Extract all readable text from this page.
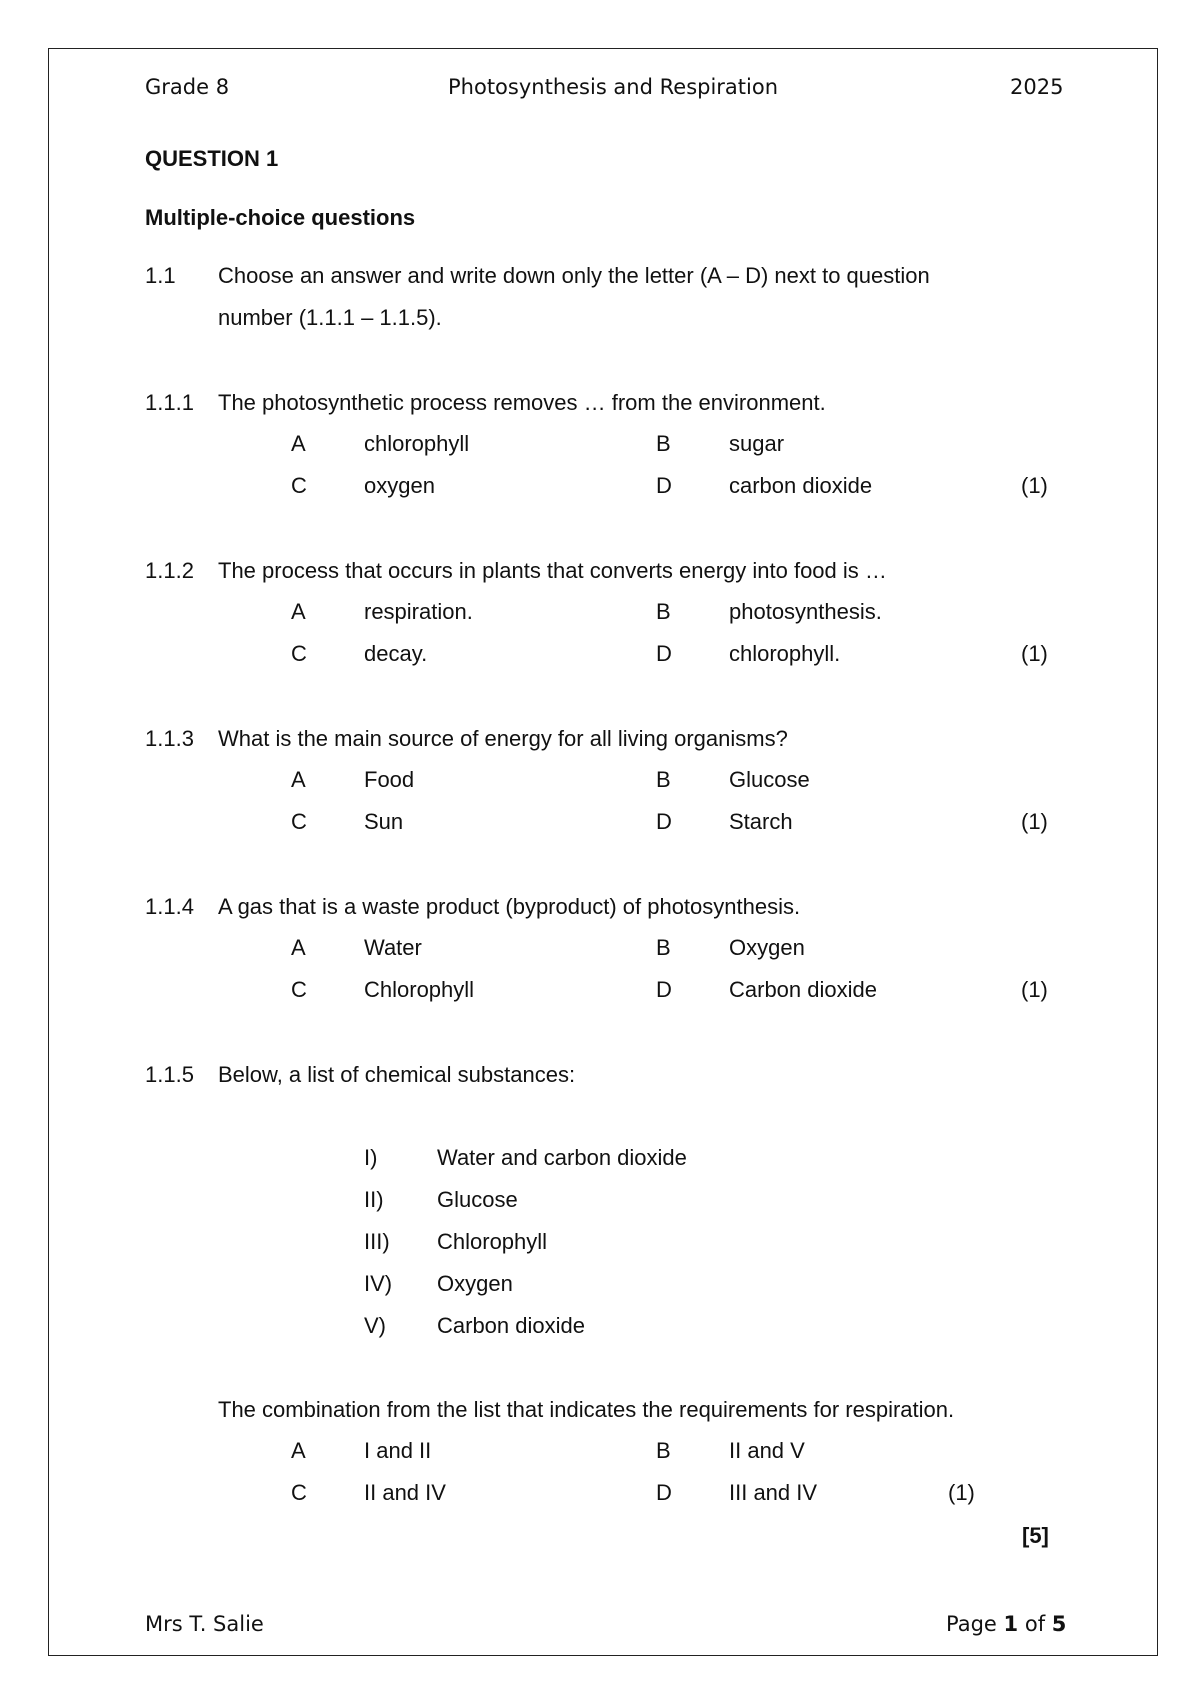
Grade 8	Photosynthesis and Respiration	2025
QUESTION 1
Multiple-choice questions
1.1 Choose an answer and write down only the letter (A – D) next to question
number (1.1.1 – 1.1.5).
1.1.1 The photosynthetic process removes … from the environment.
A	chlorophyll	B	sugar
C	oxygen	D	carbon dioxide	(1)
1.1.2 The process that occurs in plants that converts energy into food is …
A	respiration.	B	photosynthesis.
C	decay.	D	chlorophyll.	(1)
1.1.3 What is the main source of energy for all living organisms?
A	Food	B	Glucose
C	Sun	D	Starch	(1)
1.1.4 A gas that is a waste product (byproduct) of photosynthesis.
A	Water	B	Oxygen
C	Chlorophyll	D	Carbon dioxide	(1)
1.1.5 Below, a list of chemical substances:
I)	Water and carbon dioxide
II) Glucose
III) Chlorophyll
IV) Oxygen
V) Carbon dioxide
The combination from the list that indicates the requirements for respiration.
A	I and II	B	II and V
C	II and IV	D	III and IV	(1)
[5]
Mrs T. Salie	Page 1 of 5
